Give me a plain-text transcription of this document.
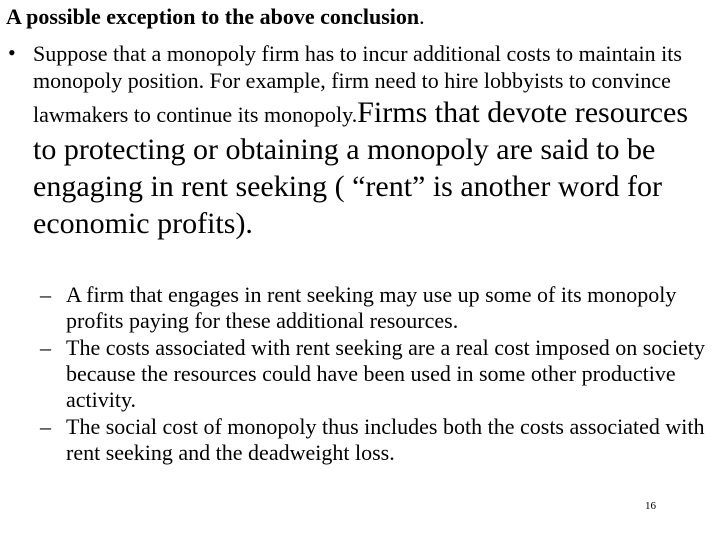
A possible exception to the above conclusion.
• Suppose that a monopoly firm has to incur additional costs to maintain its monopoly position. For example, firm need to hire lobbyists to convince lawmakers to continue its monopoly.Firms that devote resources to protecting or obtaining a monopoly are said to be engaging in rent seeking ( “rent” is another word for economic profits).
– A firm that engages in rent seeking may use up some of its monopoly profits paying for these additional resources.
– The costs associated with rent seeking are a real cost imposed on society because the resources could have been used in some other productive activity.
– The social cost of monopoly thus includes both the costs associated with rent seeking and the deadweight loss.
16
